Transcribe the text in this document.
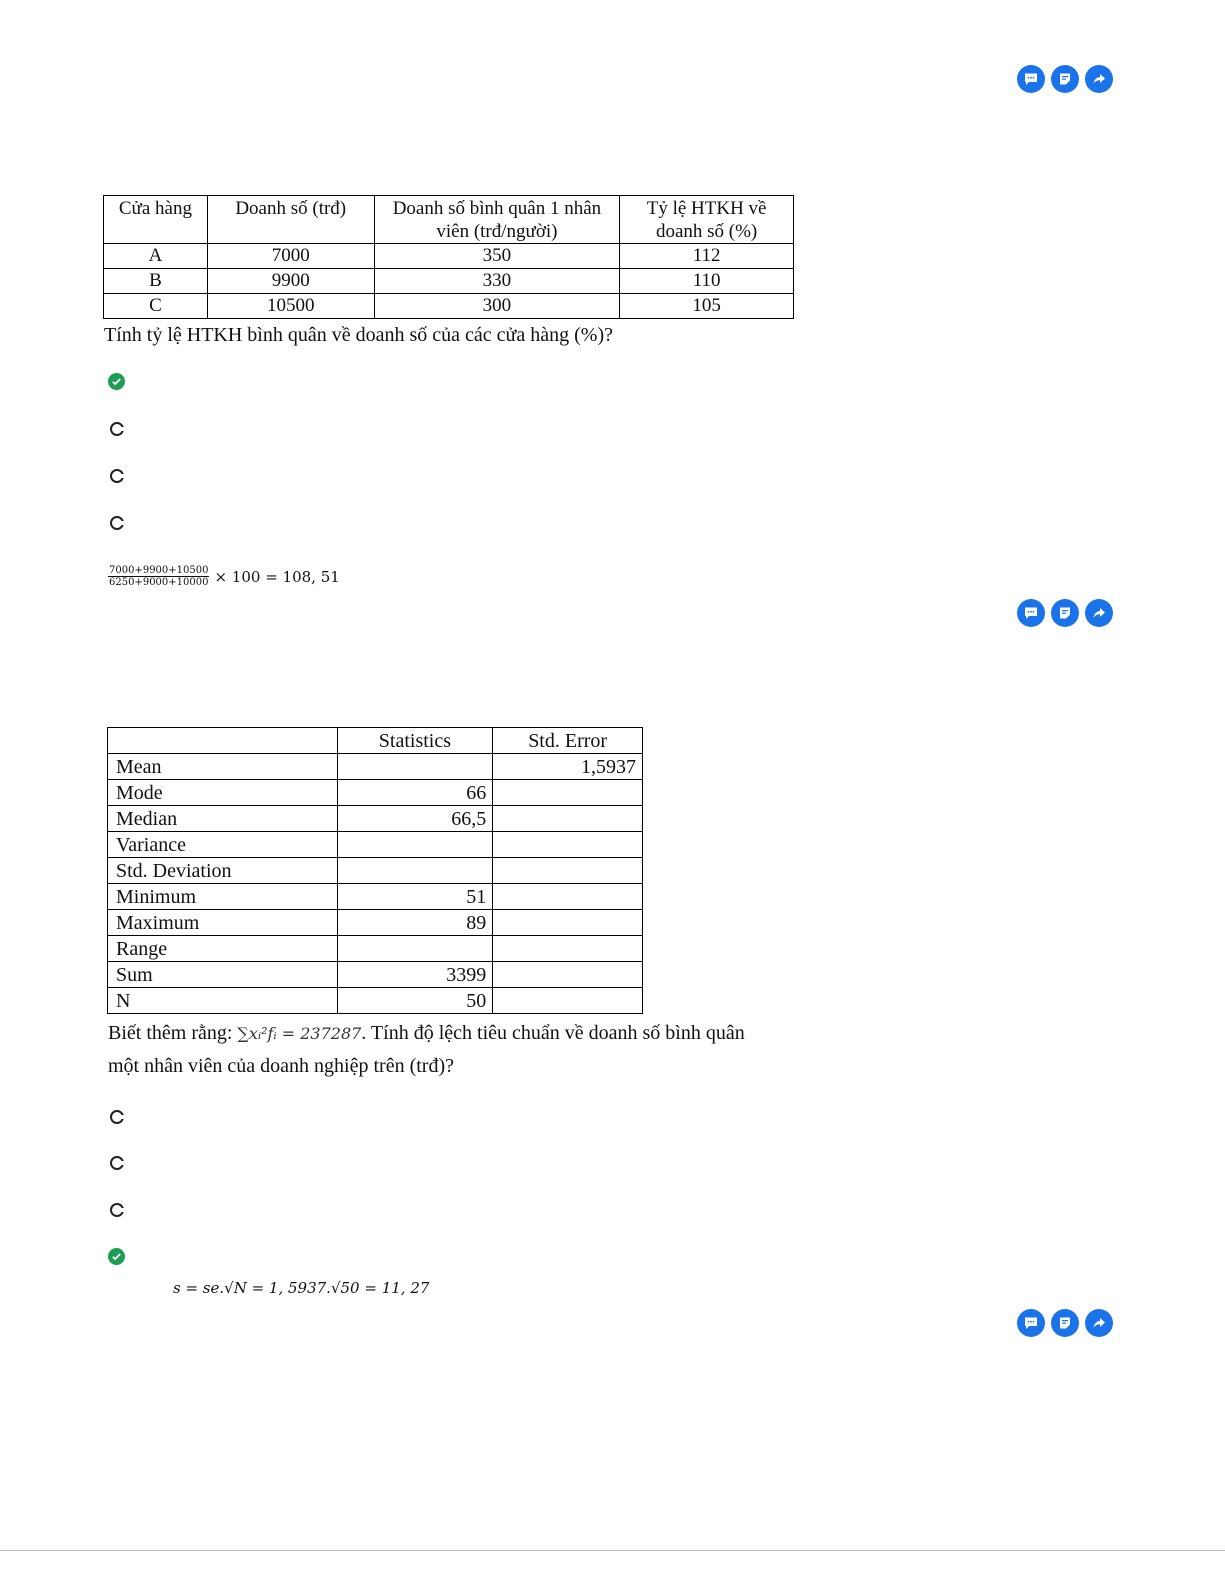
Cửa hàng	Doanh số (trđ)	Doanh số bình quân 1 nhân viên (trđ/người)	Tỷ lệ HTKH về doanh số (%)
A	7000	350	112
B	9900	330	110
C	10500	300	105
Tính tỷ lệ HTKH bình quân về doanh số của các cửa hàng (%)?
$\frac{7000+9900+10500}{6250+9000+10000} \times 100 = 108$, 51
	Statistics	Std. Error
Mean		1,5937
Mode	66	
Median	66,5	
Variance		
Std. Deviation		
Minimum	51	
Maximum	89	
Range		
Sum	3399	
N	50	
Biết thêm rằng: ∑xᵢ²fᵢ = 237287. Tính độ lệch tiêu chuẩn về doanh số bình quân
một nhân viên của doanh nghiệp trên (trđ)?
s = se.√N = 1, 5937.√50 = 11, 27
